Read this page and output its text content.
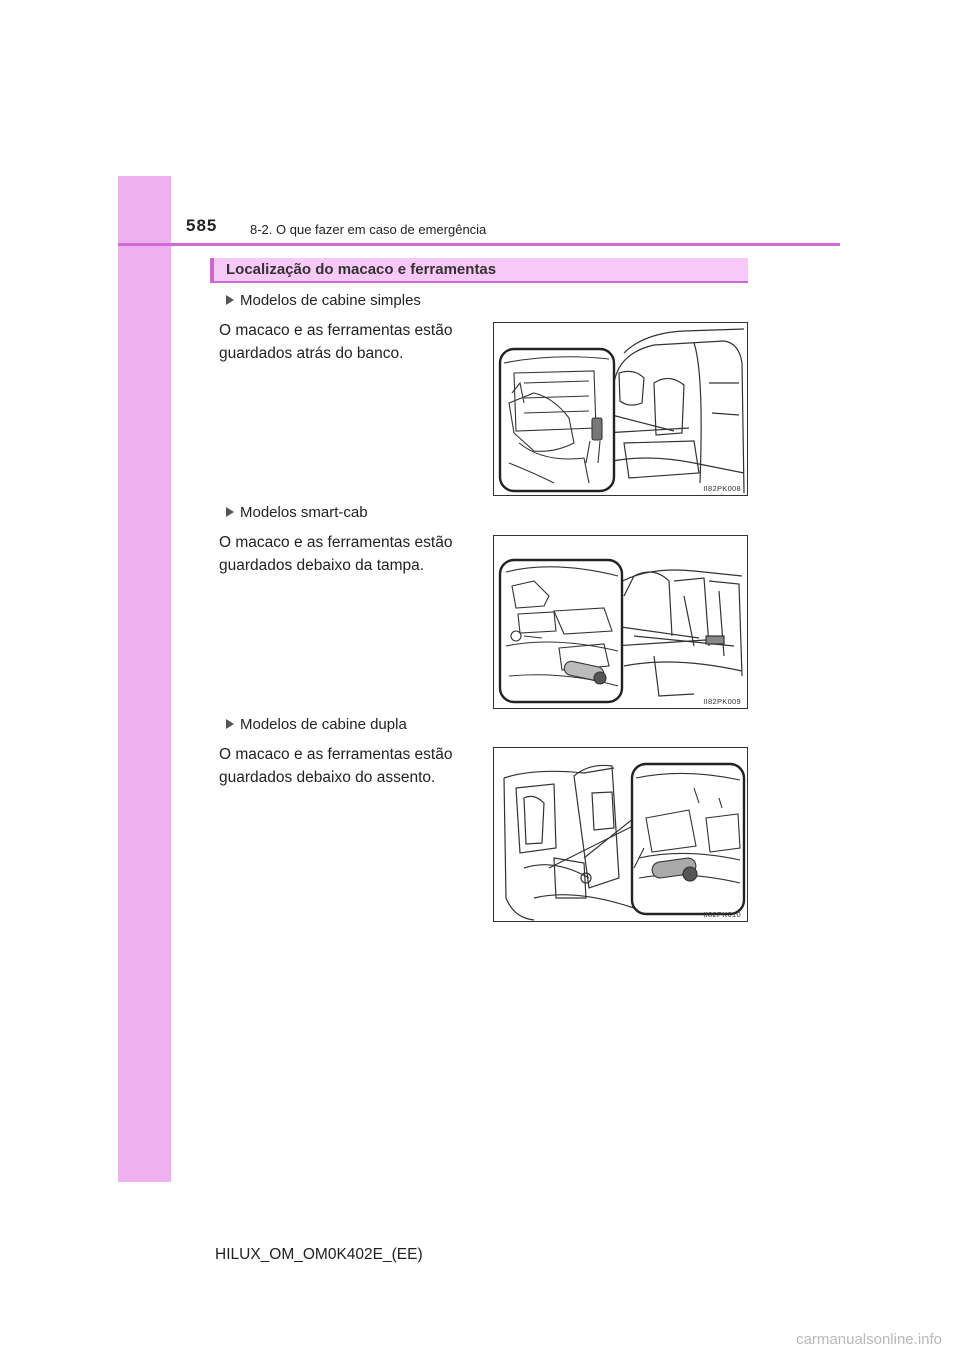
585	8-2. O que fazer em caso de emergência
Localização do macaco e ferramentas
Modelos de cabine simples
O macaco e as ferramentas estão guardados atrás do banco.
II82PK008
Modelos smart-cab
O macaco e as ferramentas estão guardados debaixo da tampa.
II82PK009
Modelos de cabine dupla
O macaco e as ferramentas estão guardados debaixo do assento.
II82PK010
HILUX_OM_OM0K402E_(EE)
carmanualsonline.info
